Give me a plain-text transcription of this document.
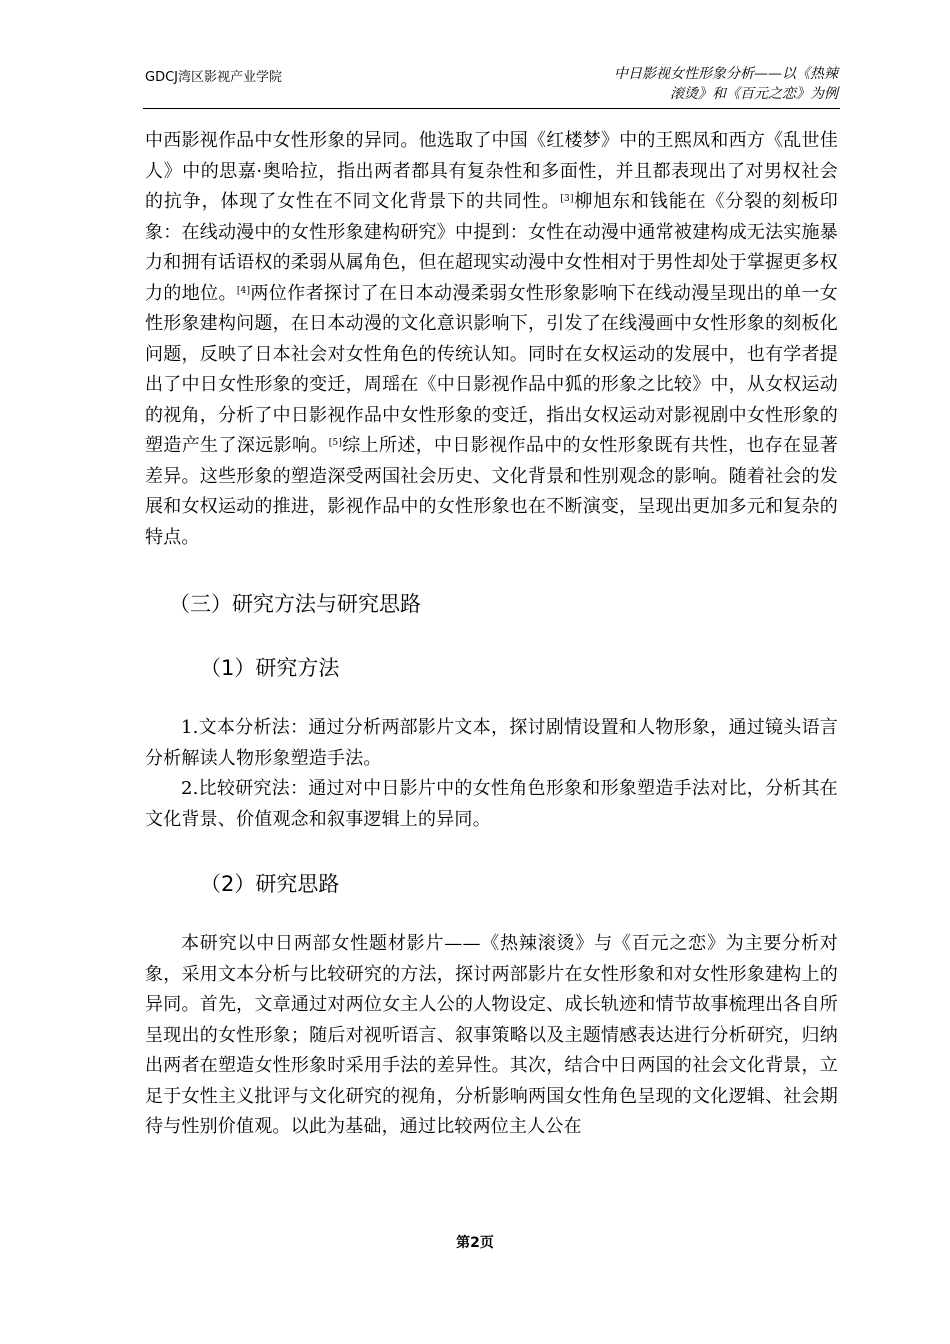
GDCJ湾区影视产业学院	中日影视女性形象分析——以《热辣
滚烫》和《百元之恋》为例

中西影视作品中女性形象的异同。他选取了中国《红楼梦》中的王熙凤和西方《乱世佳人》中的思嘉·奥哈拉，指出两者都具有复杂性和多面性，并且都表现出了对男权社会的抗争，体现了女性在不同文化背景下的共同性。[3]柳旭东和钱能在《分裂的刻板印象：在线动漫中的女性形象建构研究》中提到：女性在动漫中通常被建构成无法实施暴力和拥有话语权的柔弱从属角色，但在超现实动漫中女性相对于男性却处于掌握更多权力的地位。[4]两位作者探讨了在日本动漫柔弱女性形象影响下在线动漫呈现出的单一女性形象建构问题，在日本动漫的文化意识影响下，引发了在线漫画中女性形象的刻板化问题，反映了日本社会对女性角色的传统认知。同时在女权运动的发展中，也有学者提出了中日女性形象的变迁，周瑶在《中日影视作品中狐的形象之比较》中，从女权运动的视角，分析了中日影视作品中女性形象的变迁，指出女权运动对影视剧中女性形象的塑造产生了深远影响。[5]综上所述，中日影视作品中的女性形象既有共性，也存在显著差异。这些形象的塑造深受两国社会历史、文化背景和性别观念的影响。随着社会的发展和女权运动的推进，影视作品中的女性形象也在不断演变，呈现出更加多元和复杂的特点。

（三）研究方法与研究思路
（1）研究方法

1.文本分析法：通过分析两部影片文本，探讨剧情设置和人物形象，通过镜头语言分析解读人物形象塑造手法。

2.比较研究法：通过对中日影片中的女性角色形象和形象塑造手法对比，分析其在文化背景、价值观念和叙事逻辑上的异同。

（2）研究思路

本研究以中日两部女性题材影片——《热辣滚烫》与《百元之恋》为主要分析对象，采用文本分析与比较研究的方法，探讨两部影片在女性形象和对女性形象建构上的异同。首先，文章通过对两位女主人公的人物设定、成长轨迹和情节故事梳理出各自所呈现出的女性形象；随后对视听语言、叙事策略以及主题情感表达进行分析研究，归纳出两者在塑造女性形象时采用手法的差异性。其次，结合中日两国的社会文化背景，立足于女性主义批评与文化研究的视角，分析影响两国女性角色呈现的文化逻辑、社会期待与性别价值观。以此为基础，通过比较两位主人公在

第2页
